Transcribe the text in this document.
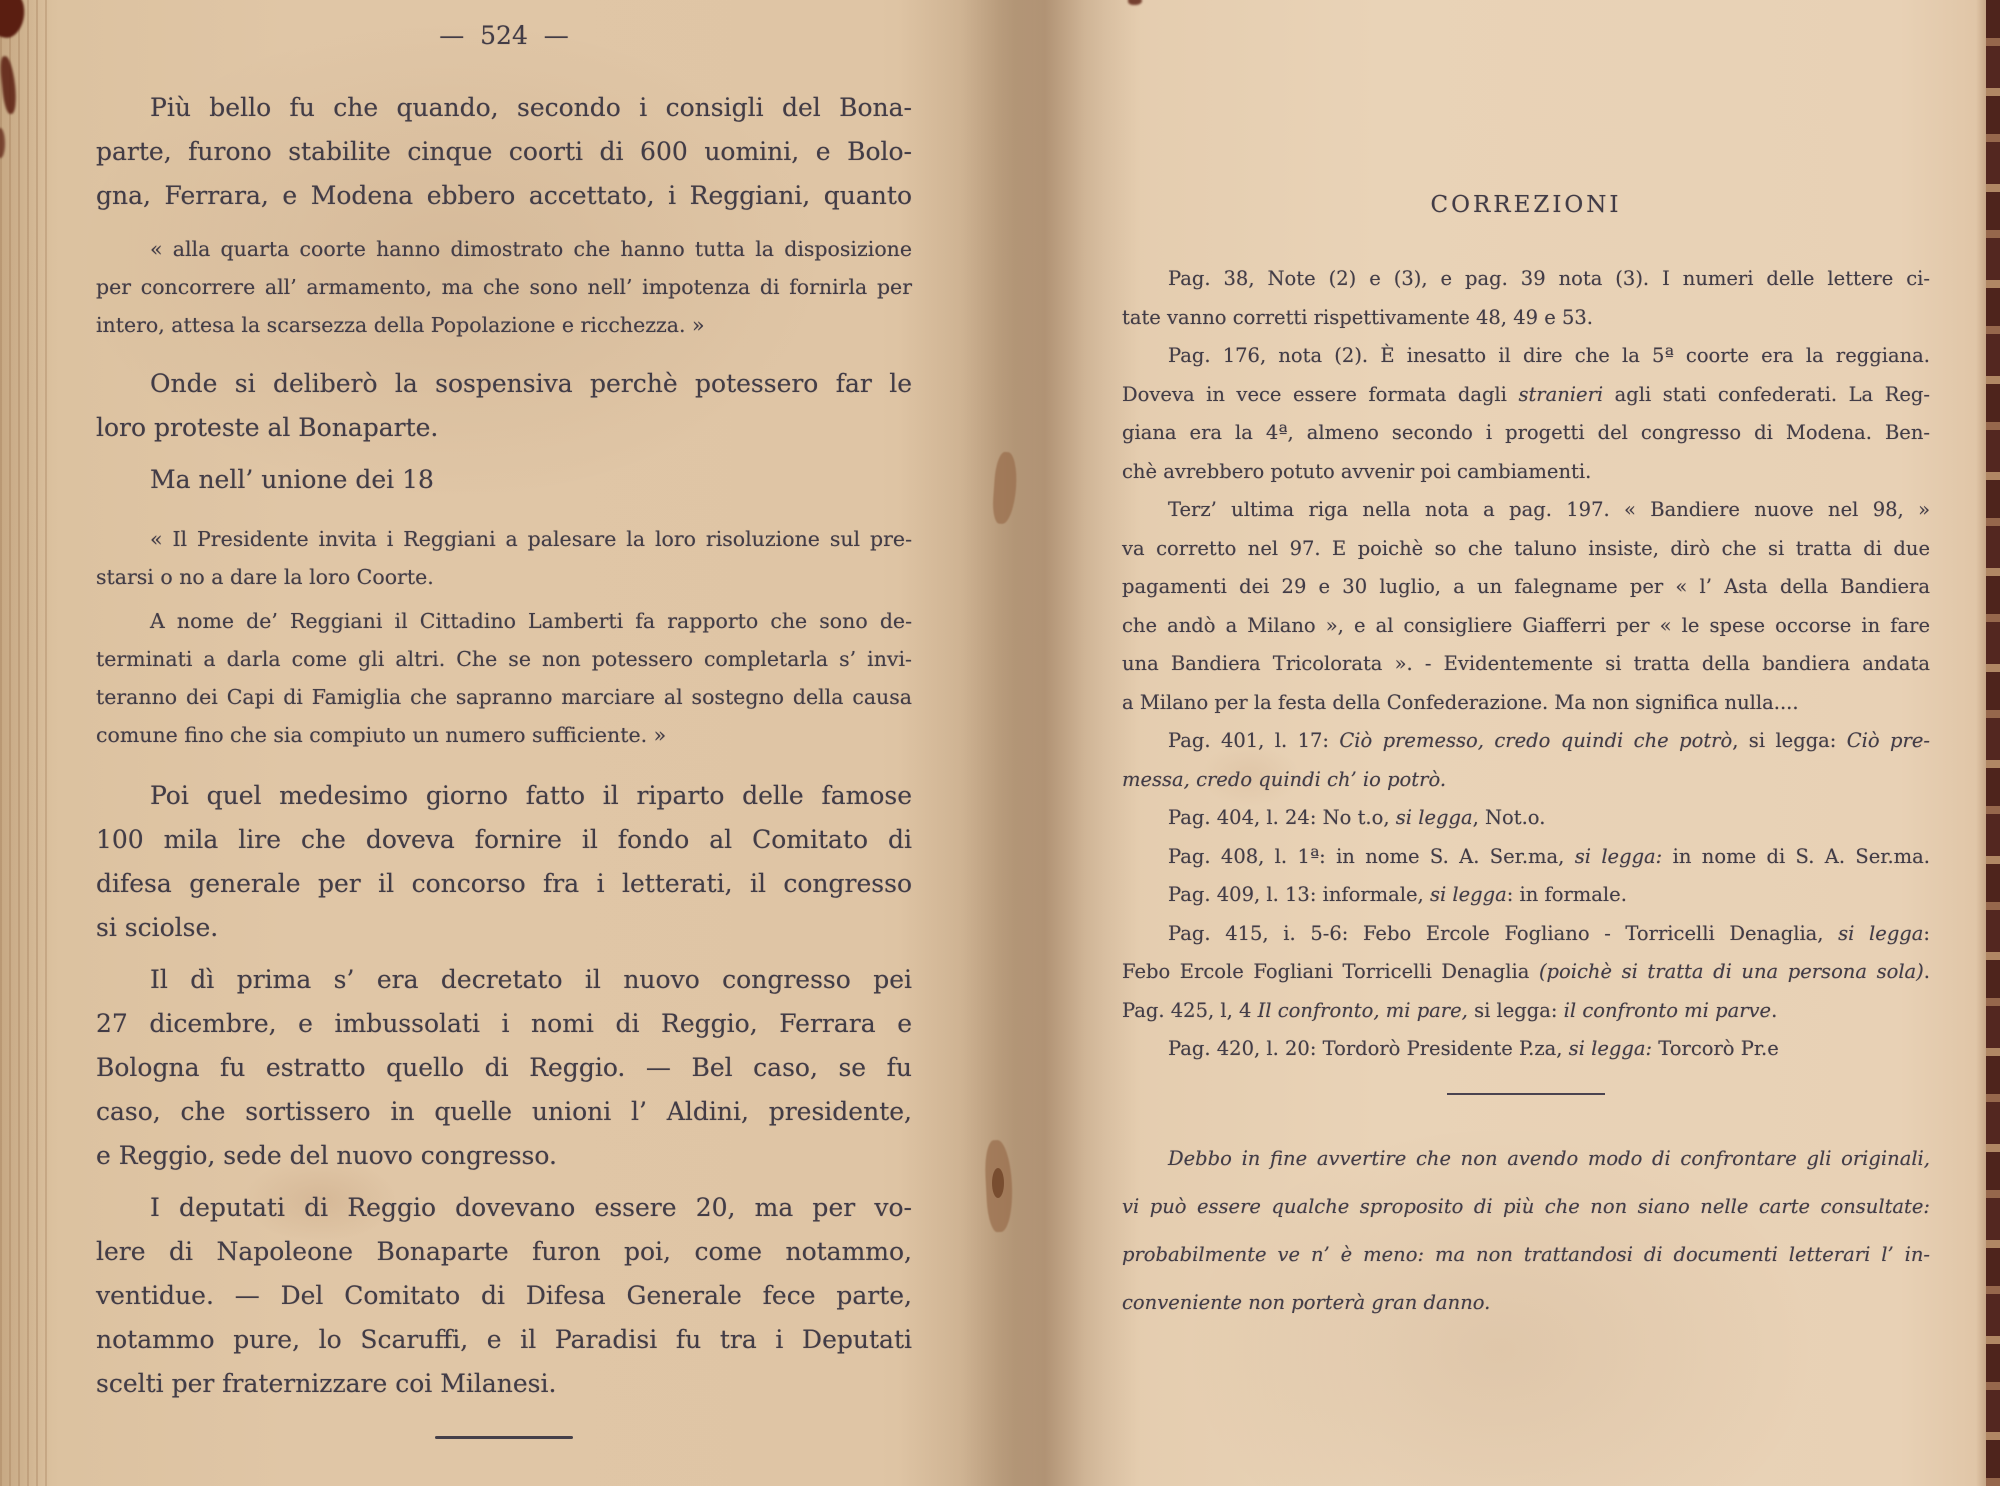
— 524 —
Più bello fu che quando, secondo i consigli del Bona-
parte, furono stabilite cinque coorti di 600 uomini, e Bolo-
gna, Ferrara, e Modena ebbero accettato, i Reggiani, quanto
« alla quarta coorte hanno dimostrato che hanno tutta la disposizione
per concorrere all’ armamento, ma che sono nell’ impotenza di fornirla per
intero, attesa la scarsezza della Popolazione e ricchezza. »
Onde si deliberò la sospensiva perchè potessero far le
loro proteste al Bonaparte.
Ma nell’ unione dei 18
« Il Presidente invita i Reggiani a palesare la loro risoluzione sul pre-
starsi o no a dare la loro Coorte.
A nome de’ Reggiani il Cittadino Lamberti fa rapporto che sono de-
terminati a darla come gli altri. Che se non potessero completarla s’ invi-
teranno dei Capi di Famiglia che sapranno marciare al sostegno della causa
comune fino che sia compiuto un numero sufficiente. »
Poi quel medesimo giorno fatto il riparto delle famose
100 mila lire che doveva fornire il fondo al Comitato di
difesa generale per il concorso fra i letterati, il congresso
si sciolse.
Il dì prima s’ era decretato il nuovo congresso pei
27 dicembre, e imbussolati i nomi di Reggio, Ferrara e
Bologna fu estratto quello di Reggio. — Bel caso, se fu
caso, che sortissero in quelle unioni l’ Aldini, presidente,
e Reggio, sede del nuovo congresso.
I deputati di Reggio dovevano essere 20, ma per vo-
lere di Napoleone Bonaparte furon poi, come notammo,
ventidue. — Del Comitato di Difesa Generale fece parte,
notammo pure, lo Scaruffi, e il Paradisi fu tra i Deputati
scelti per fraternizzare coi Milanesi.
CORREZIONI
Pag. 38, Note (2) e (3), e pag. 39 nota (3). I numeri delle lettere ci-
tate vanno corretti rispettivamente 48, 49 e 53.
Pag. 176, nota (2). È inesatto il dire che la 5ª coorte era la reggiana.
Doveva in vece essere formata dagli stranieri agli stati confederati. La Reg-
giana era la 4ª, almeno secondo i progetti del congresso di Modena. Ben-
chè avrebbero potuto avvenir poi cambiamenti.
Terz’ ultima riga nella nota a pag. 197. « Bandiere nuove nel 98, »
va corretto nel 97. E poichè so che taluno insiste, dirò che si tratta di due
pagamenti dei 29 e 30 luglio, a un falegname per « l’ Asta della Bandiera
che andò a Milano », e al consigliere Giafferri per « le spese occorse in fare
una Bandiera Tricolorata ». - Evidentemente si tratta della bandiera andata
a Milano per la festa della Confederazione. Ma non significa nulla....
Pag. 401, l. 17: Ciò premesso, credo quindi che potrò, si legga: Ciò pre-
messa, credo quindi ch’ io potrò.
Pag. 404, l. 24: No t.o, si legga, Not.o.
Pag. 408, l. 1ª: in nome S. A. Ser.ma, si legga: in nome di S. A. Ser.ma.
Pag. 409, l. 13: informale, si legga: in formale.
Pag. 415, i. 5-6: Febo Ercole Fogliano - Torricelli Denaglia, si legga:
Febo Ercole Fogliani Torricelli Denaglia (poichè si tratta di una persona sola).
Pag. 425, l, 4 Il confronto, mi pare, si legga: il confronto mi parve.
Pag. 420, l. 20: Tordorò Presidente P.za, si legga: Torcorò Pr.e
Debbo in fine avvertire che non avendo modo di confrontare gli originali,
vi può essere qualche sproposito di più che non siano nelle carte consultate:
probabilmente ve n’ è meno: ma non trattandosi di documenti letterari l’ in-
conveniente non porterà gran danno.
